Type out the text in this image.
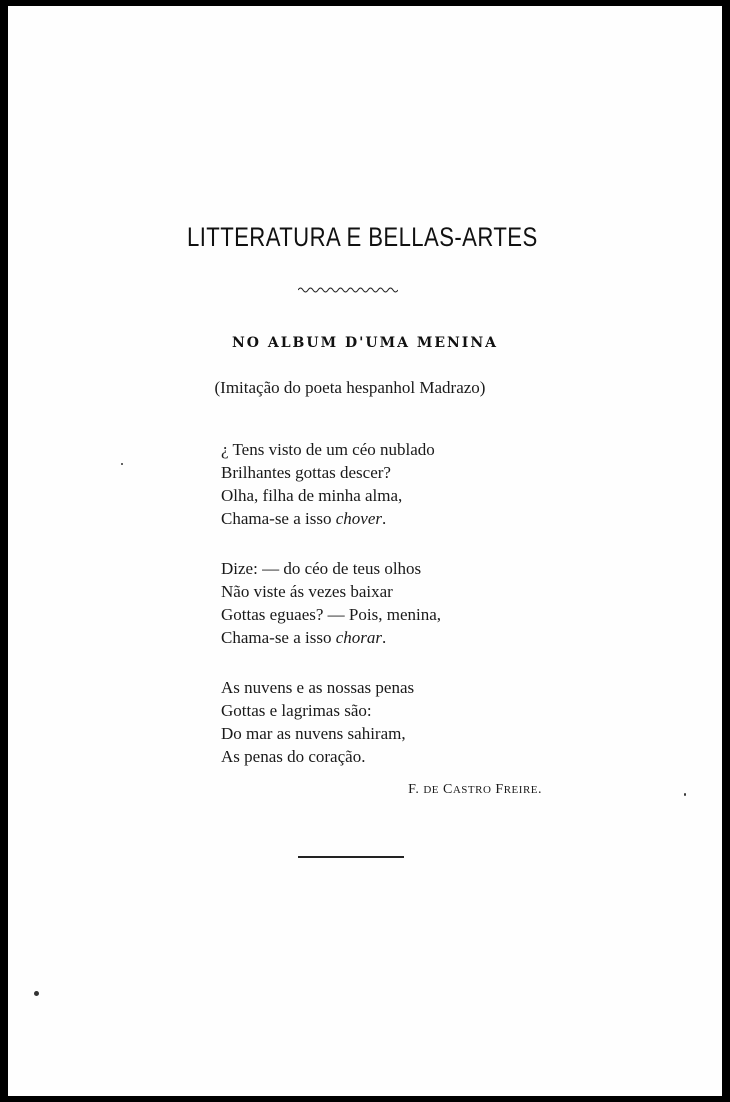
LITTERATURA E BELLAS-ARTES
NO ALBUM D'UMA MENINA
(Imitação do poeta hespanhol Madrazo)
¿ Tens visto de um céo nublado
Brilhantes gottas descer?
Olha, filha de minha alma,
Chama-se a isso chover.
Dize: — do céo de teus olhos
Não viste ás vezes baixar
Gottas eguaes? — Pois, menina,
Chama-se a isso chorar.
As nuvens e as nossas penas
Gottas e lagrimas são:
Do mar as nuvens sahiram,
As penas do coração.
F. DE CASTRO FREIRE.
